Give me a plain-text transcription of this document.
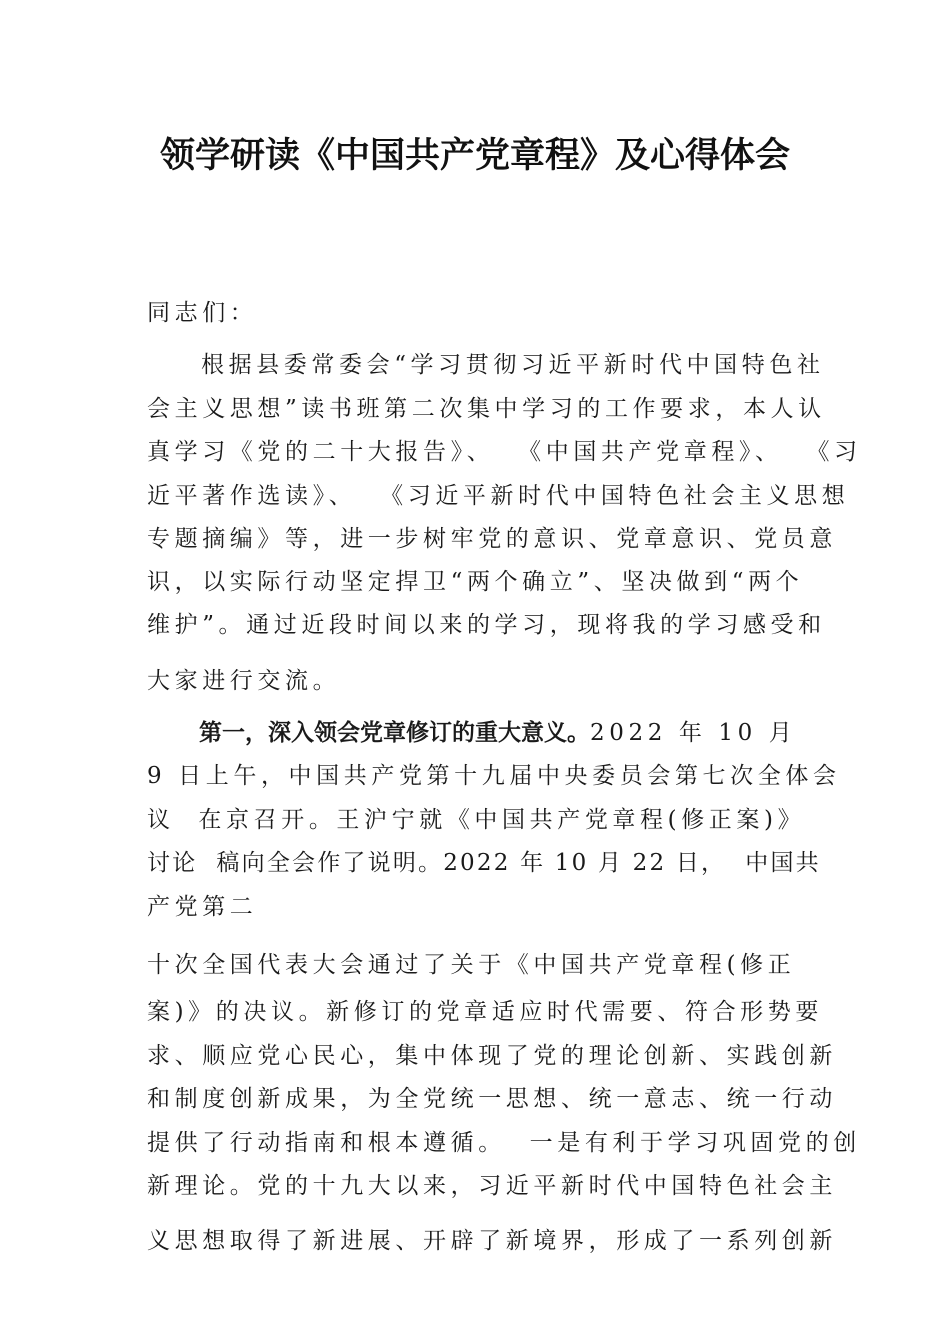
领学研读《中国共产党章程》及心得体会

同志们：

根据县委常委会“学习贯彻习近平新时代中国特色社

会主义思想”读书班第二次集中学习的工作要求，本人认

真学习《党的二十大报告》、  《中国共产党章程》、  《习

近平著作选读》、  《习近平新时代中国特色社会主义思想

专题摘编》等，进一步树牢党的意识、党章意识、党员意

识，以实际行动坚定捍卫“两个确立”、坚决做到“两个

维护”。通过近段时间以来的学习，现将我的学习感受和

大家进行交流。

第一，深入领会党章修订的重大意义。2022 年 10 月

9 日上午，中国共产党第十九届中央委员会第七次全体会

议  在京召开。王沪宁就《中国共产党章程(修正案)》

讨论  稿向全会作了说明。2022 年 10 月 22 日，  中国共

产党第二

十次全国代表大会通过了关于《中国共产党章程(修正

案)》的决议。新修订的党章适应时代需要、符合形势要

求、顺应党心民心，集中体现了党的理论创新、实践创新

和制度创新成果，为全党统一思想、统一意志、统一行动

提供了行动指南和根本遵循。  一是有利于学习巩固党的创

新理论。党的十九大以来，习近平新时代中国特色社会主

义思想取得了新进展、开辟了新境界，形成了一系列创新
